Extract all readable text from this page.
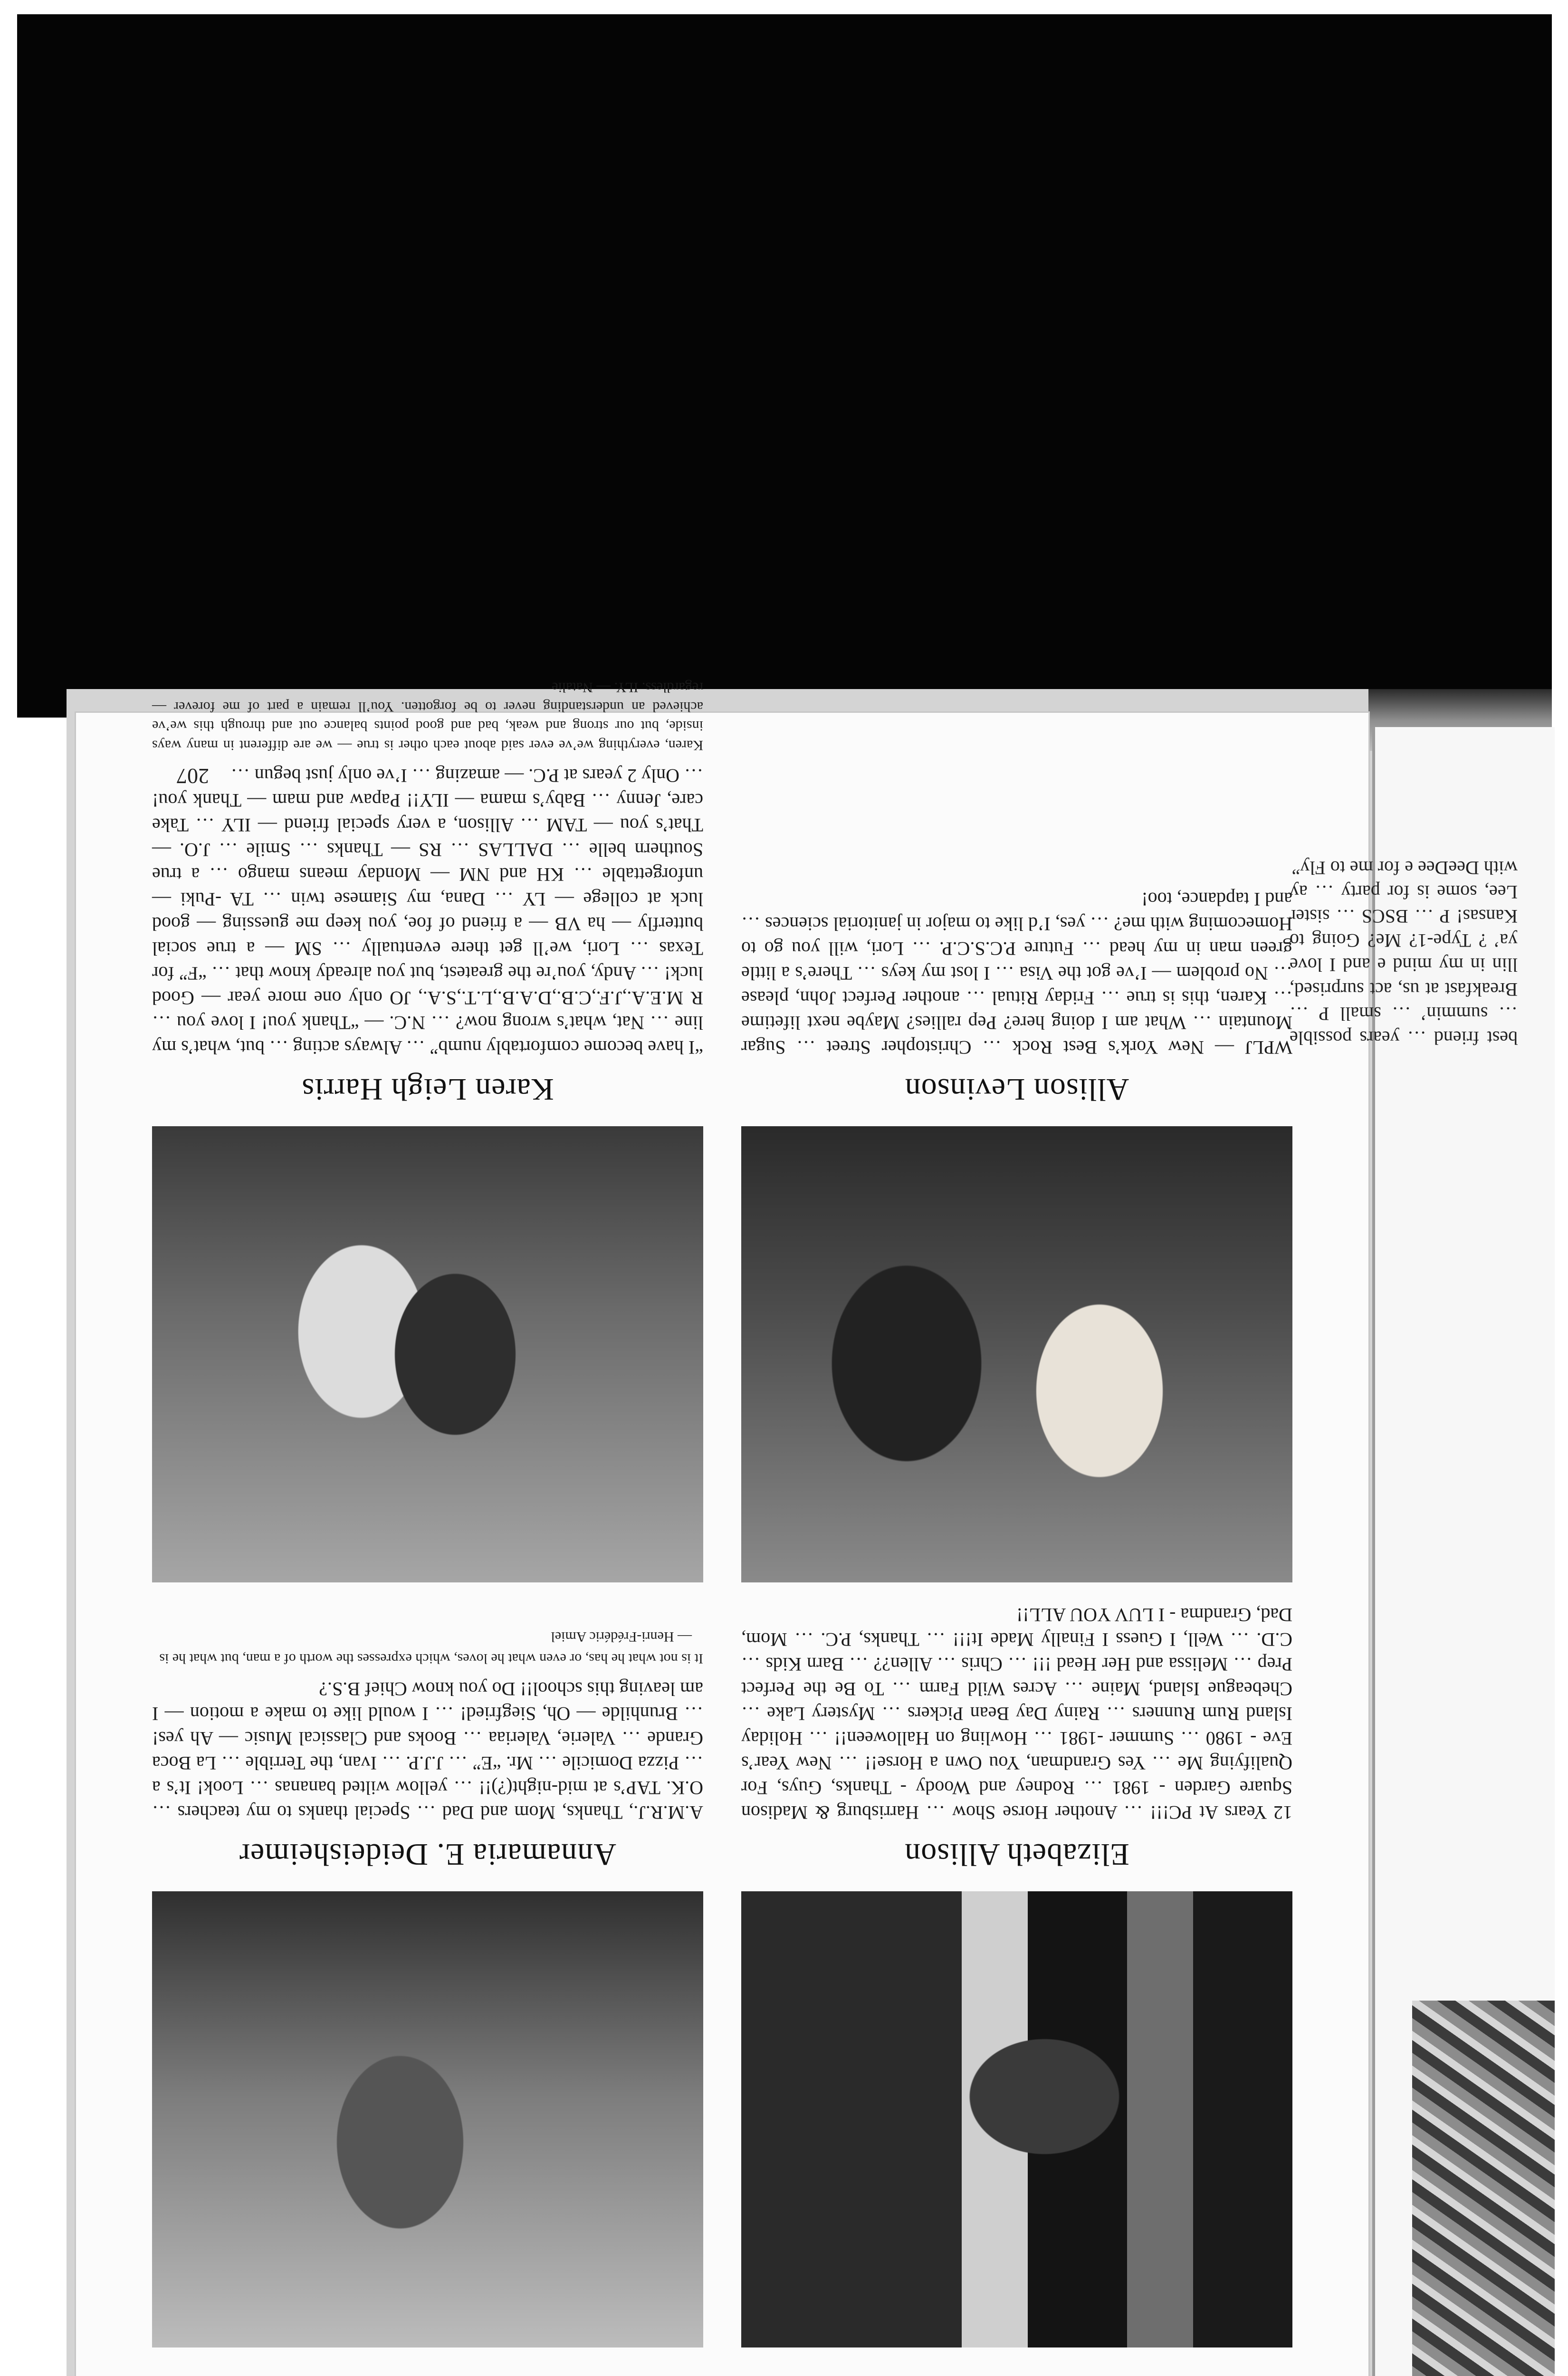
Elizabeth Allison

12 Years At PC!!! … Another Horse Show … Harrisburg & Madison Square Garden - 1981 … Rodney and Woody - Thanks, Guys, For Qualifying Me … Yes Grandman, You Own a Horse!! … New Year’s Eve - 1980 … Summer -1981 … Howling on Halloween!! … Holiday Island Rum Runners … Rainy Day Bean Pickers … Mystery Lake … Chebeague Island, Maine … Acres Wild Farm … To Be the Perfect Prep … Melissa and Her Head !!! … Chris … Allen?? … Barn Kids … C.D. … Well, I Guess I Finally Made It!!! … Thanks, P.C. … Mom, Dad, Grandma - I LUV YOU ALL!!

Annamaria E. Deideisheimer

A.M.R.J., Thanks, Mom and Dad … Special thanks to my teachers … O.K. TAP’s at mid-night(?)!! … yellow wilted bananas … Look! It’s a … Pizza Domicile … Mr. “E” … J.J.P. … Ivan, the Terrible … La Boca Grande … Valerie, Valeriaa … Books and Classical Music — Ah yes! … Brunhilde — Oh, Siegfried! … I would like to make a motion — I am leaving this school!! Do you know Chief B.S.?

It is not what he has, or even what he loves, which expresses the worth of a man, but what he is

— Henri-Frédéric Amiel

Allison Levinson

WPLJ — New York’s Best Rock … Christopher Street … Sugar Mountain … What am I doing here? Pep rallies? Maybe next lifetime … Karen, this is true … Friday Ritual … another Perfect John, please … No problem — I’ve got the Visa … I lost my keys … There’s a little green man in my head … Future P.C.S.C.P. … Lori, will you go to Homecoming with me? … yes, I’d like to major in janitorial sciences … and I tapdance, too!

Karen Leigh Harris

“I have become comfortably numb” … Always acting … but, what’s my line … Nat, what’s wrong now? … N.C. — “Thank you! I love you … R M.E.A.,J.F.,C.B.,D.A.B.,L.T.,S.A., JO only one more year — Good luck! … Andy, you’re the greatest, but you already know that … “F” for Texas … Lori, we’ll get there eventually … SM — a true social butterfly — ha VB — a friend of foe, you keep me guessing — good luck at college — LY … Dana, my Siamese twin … TA -Puki —unforgettable … KH and NM — Monday means mango … a true Southern belle … DALLAS … RS — Thanks … Smile … J.O. — That’s you — TAM … Allison, a very special friend — ILY … Take care, Jenny … Baby’s mama — ILY!! Papaw and mam — Thank you! … Only 2 years at P.C. — amazing … I’ve only just begun …

Karen, everything we’ve ever said about each other is true — we are different in many ways inside, but our strong and weak, bad and good points balance out and through this we’ve achieved an understanding never to be forgotten. You’ll remain a part of me forever — regardless. ILY. — Natalie

207

best friend … years possible … summin’ … small P … Breakfast at us, act surprised, llin in my mind e and I love ya’ ? Type-1? Me? Going to Kansas! P … BSCS … sister Lee, some is for party … ay with DeeDee e for me to Fly”
